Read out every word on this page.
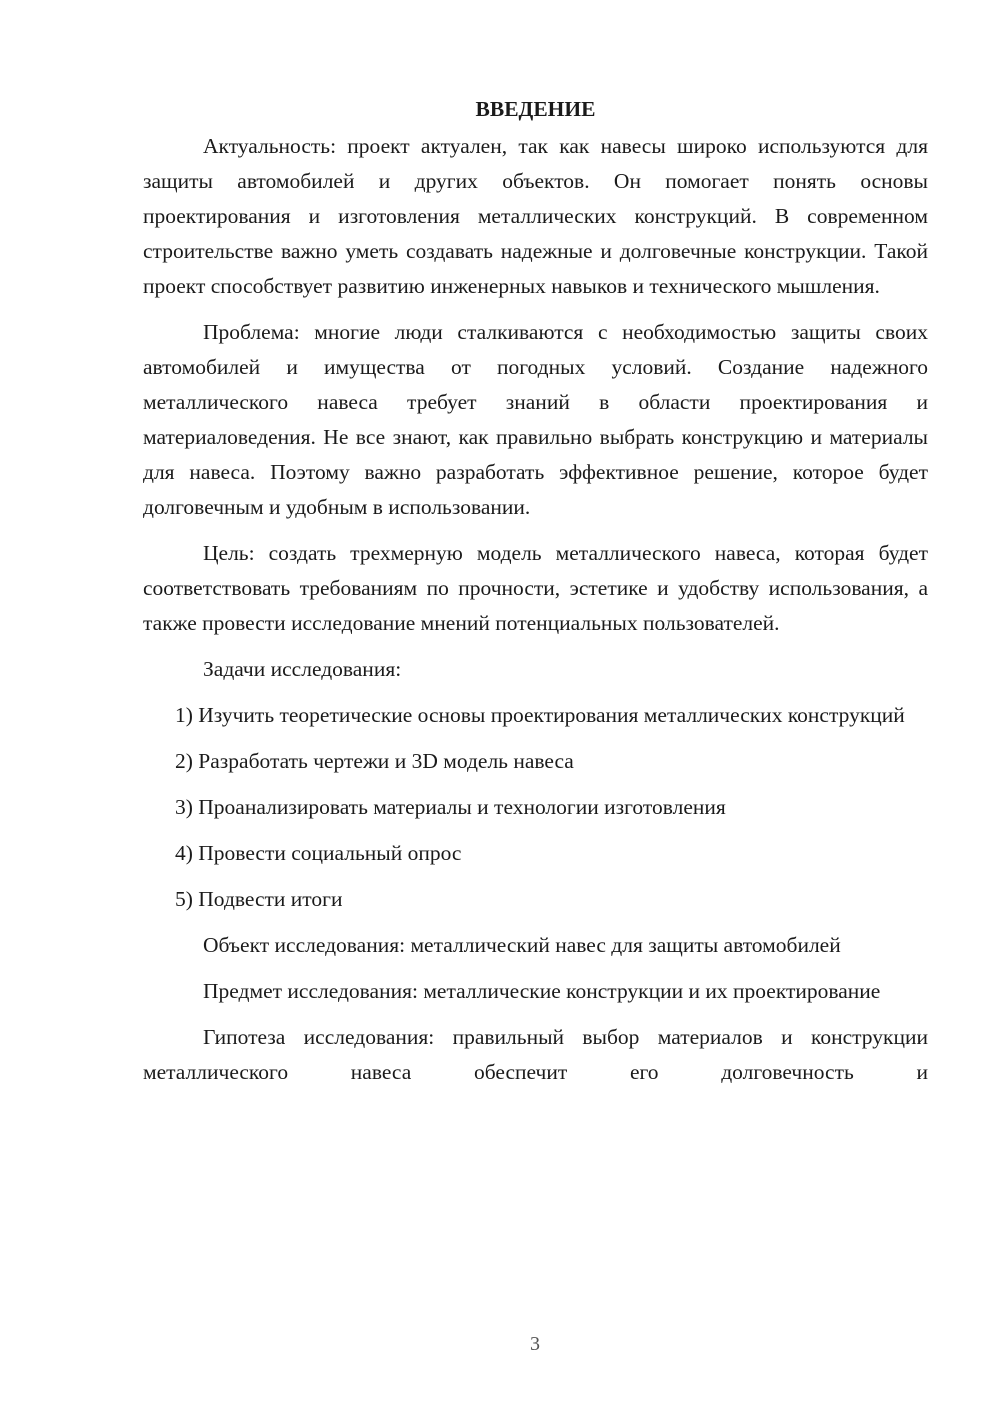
ВВЕДЕНИЕ

Актуальность: проект актуален, так как навесы широко используются для защиты автомобилей и других объектов. Он помогает понять основы проектирования и изготовления металлических конструкций. В современном строительстве важно уметь создавать надежные и долговечные конструкции. Такой проект способствует развитию инженерных навыков и технического мышления.

Проблема: многие люди сталкиваются с необходимостью защиты своих автомобилей и имущества от погодных условий. Создание надежного металлического навеса требует знаний в области проектирования и материаловедения. Не все знают, как правильно выбрать конструкцию и материалы для навеса. Поэтому важно разработать эффективное решение, которое будет долговечным и удобным в использовании.

Цель: создать трехмерную модель металлического навеса, которая будет соответствовать требованиям по прочности, эстетике и удобству использования, а также провести исследование мнений потенциальных пользователей.

Задачи исследования:

1) Изучить теоретические основы проектирования металлических конструкций

2) Разработать чертежи и 3D модель навеса

3) Проанализировать материалы и технологии изготовления

4) Провести социальный опрос

5) Подвести итоги

Объект исследования: металлический навес для защиты автомобилей

Предмет исследования: металлические конструкции и их проектирование

Гипотеза исследования: правильный выбор материалов и конструкции металлического навеса обеспечит его долговечность и

3
